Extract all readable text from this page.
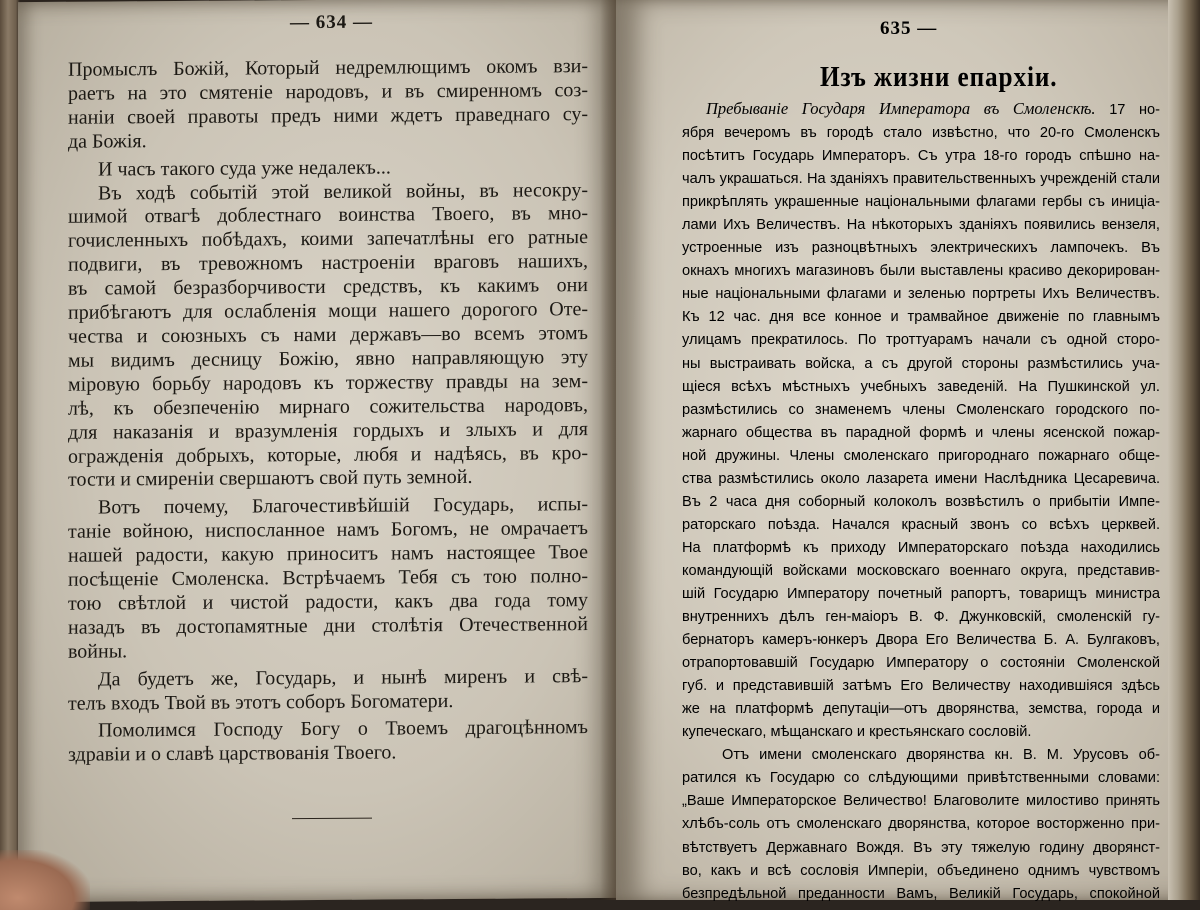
— 634 —
Промыслъ Божій, Который недремлющимъ окомъ взи-
раетъ на это смятеніе народовъ, и въ смиренномъ соз-
наніи своей правоты предъ ними ждетъ праведнаго су-
да Божія.
И часъ такого суда уже недалекъ...
Въ ходѣ событій этой великой войны, въ несокру-
шимой отвагѣ доблестнаго воинства Твоего, въ мно-
гочисленныхъ побѣдахъ, коими запечатлѣны его ратные
подвиги, въ тревожномъ настроеніи враговъ нашихъ,
въ самой безразборчивости средствъ, къ какимъ они
прибѣгаютъ для ослабленія мощи нашего дорогого Оте-
чества и союзныхъ съ нами державъ—во всемъ этомъ
мы видимъ десницу Божію, явно направляющую эту
міровую борьбу народовъ къ торжеству правды на зем-
лѣ, къ обезпеченію мирнаго сожительства народовъ,
для наказанія и вразумленія гордыхъ и злыхъ и для
огражденія добрыхъ, которые, любя и надѣясь, въ кро-
тости и смиреніи свершаютъ свой путь земной.
Вотъ почему, Благочестивѣйшій Государь, испы-
таніе войною, ниспосланное намъ Богомъ, не омрачаетъ
нашей радости, какую приноситъ намъ настоящее Твое
посѣщеніе Смоленска. Встрѣчаемъ Тебя съ тою полно-
тою свѣтлой и чистой радости, какъ два года тому
назадъ въ достопамятные дни столѣтія Отечественной
войны.
Да будетъ же, Государь, и нынѣ миренъ и свѣ-
телъ входъ Твой въ этотъ соборъ Богоматери.
Помолимся Господу Богу о Твоемъ драгоцѣнномъ
здравіи и о славѣ царствованія Твоего.
635 —
Изъ жизни епархіи.
Пребываніе Государя Императора въ Смоленскѣ. 17 но-
ября вечеромъ въ городѣ стало извѣстно, что 20-го Смоленскъ
посѣтитъ Государь Императоръ. Съ утра 18-го городъ спѣшно на-
чалъ украшаться. На зданіяхъ правительственныхъ учрежденій стали
прикрѣплять украшенные національными флагами гербы съ иниціа-
лами Ихъ Величествъ. На нѣкоторыхъ зданіяхъ появились вензеля,
устроенные изъ разноцвѣтныхъ электрическихъ лампочекъ. Въ
окнахъ многихъ магазиновъ были выставлены красиво декорирован-
ные національными флагами и зеленью портреты Ихъ Величествъ.
Къ 12 час. дня все конное и трамвайное движеніе по главнымъ
улицамъ прекратилось. По троттуарамъ начали съ одной сторо-
ны выстраивать войска, а съ другой стороны размѣстились уча-
щіеся всѣхъ мѣстныхъ учебныхъ заведеній. На Пушкинской ул.
размѣстились со знаменемъ члены Смоленскаго городского по-
жарнаго общества въ парадной формѣ и члены ясенской пожар-
ной дружины. Члены смоленскаго пригороднаго пожарнаго обще-
ства размѣстились около лазарета имени Наслѣдника Цесаревича.
Въ 2 часа дня соборный колоколъ возвѣстилъ о прибытіи Импе-
раторскаго поѣзда. Начался красный звонъ со всѣхъ церквей.
На платформѣ къ приходу Императорскаго поѣзда находились
командующій войсками московскаго военнаго округа, представив-
шій Государю Императору почетный рапортъ, товарищъ министра
внутреннихъ дѣлъ ген-маіоръ В. Ф. Джунковскій, смоленскій гу-
бернаторъ камеръ-юнкеръ Двора Его Величества Б. А. Булгаковъ,
отрапортовавшій Государю Императору о состояніи Смоленской
губ. и представившій затѣмъ Его Величеству находившіяся здѣсь
же на платформѣ депутаціи—отъ дворянства, земства, города и
купеческаго, мѣщанскаго и крестьянскаго сословій.
Отъ имени смоленскаго дворянства кн. В. М. Урусовъ об-
ратился къ Государю со слѣдующими привѣтственными словами:
„Ваше Императорское Величество! Благоволите милостиво принять
хлѣбъ-соль отъ смоленскаго дворянства, которое восторженно при-
вѣтствуетъ Державнаго Вождя. Въ эту тяжелую годину дворянст-
во, какъ и всѣ сословія Имперіи, объединено однимъ чувствомъ
безпредѣльной преданности Вамъ, Великій Государь, спокойной
